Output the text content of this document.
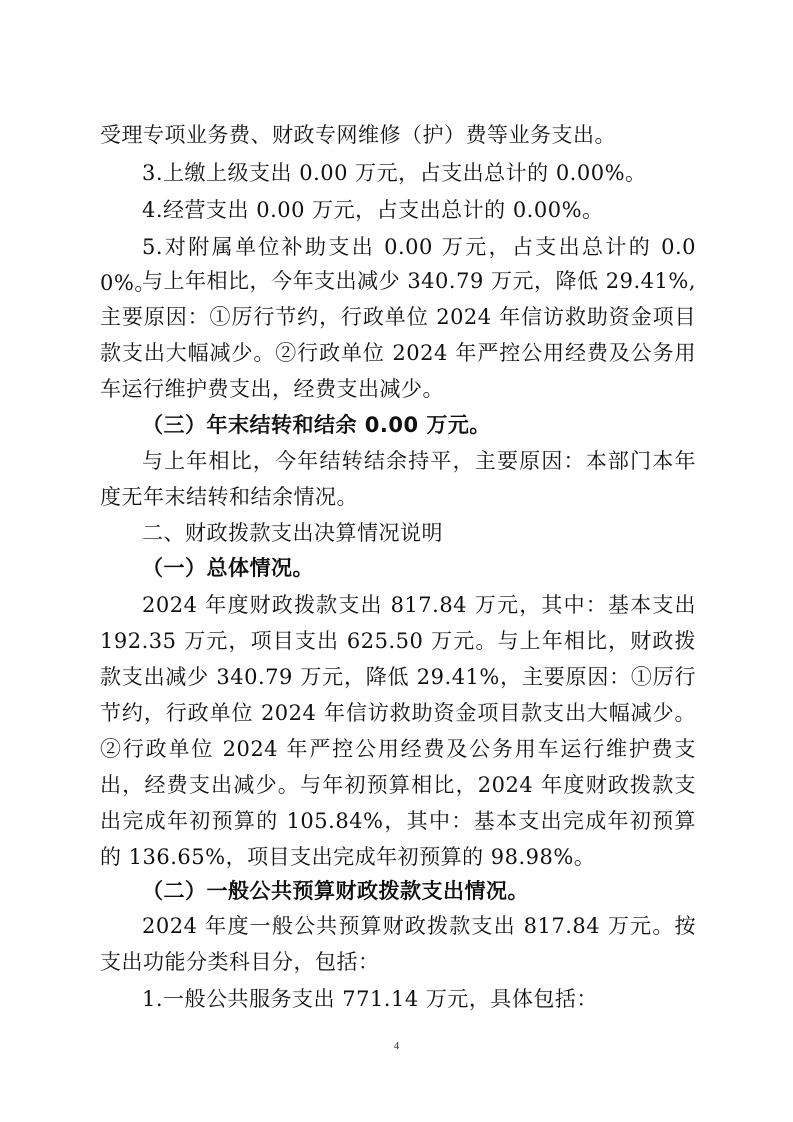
受理专项业务费、财政专网维修（护）费等业务支出。

3.上缴上级支出 0.00 万元，占支出总计的 0.00%。

4.经营支出 0.00 万元，占支出总计的 0.00%。

5.对附属单位补助支出 0.00 万元，占支出总计的 0.00%。

与上年相比，今年支出减少 340.79 万元，降低 29.41%,主要原因：①厉行节约，行政单位 2024 年信访救助资金项目款支出大幅减少。②行政单位 2024 年严控公用经费及公务用车运行维护费支出，经费支出减少。

（三）年末结转和结余 0.00 万元。

与上年相比，今年结转结余持平，主要原因：本部门本年度无年末结转和结余情况。

二、财政拨款支出决算情况说明

（一）总体情况。

2024 年度财政拨款支出 817.84 万元，其中：基本支出 192.35 万元，项目支出 625.50 万元。与上年相比，财政拨款支出减少 340.79 万元，降低 29.41%，主要原因：①厉行节约，行政单位 2024 年信访救助资金项目款支出大幅减少。②行政单位 2024 年严控公用经费及公务用车运行维护费支出，经费支出减少。与年初预算相比，2024 年度财政拨款支出完成年初预算的 105.84%，其中：基本支出完成年初预算的 136.65%，项目支出完成年初预算的 98.98%。

（二）一般公共预算财政拨款支出情况。

2024 年度一般公共预算财政拨款支出 817.84 万元。按支出功能分类科目分，包括：

1.一般公共服务支出 771.14 万元，具体包括：

4
